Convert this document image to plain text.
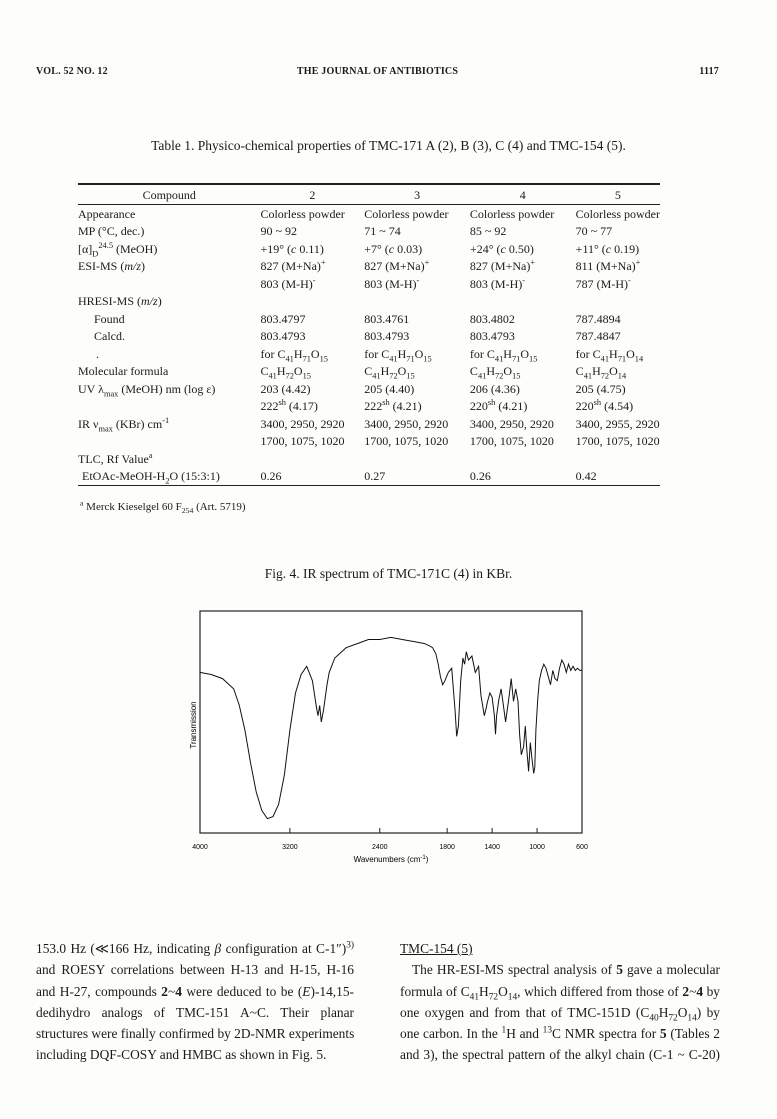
VOL. 52 NO. 12	THE JOURNAL OF ANTIBIOTICS	1117
Table 1. Physico-chemical properties of TMC-171 A (2), B (3), C (4) and TMC-154 (5).
Compound	2	3	4	5
Appearance	Colorless powder	Colorless powder	Colorless powder	Colorless powder
MP (°C, dec.)	90 ~ 92	71 ~ 74	85 ~ 92	70 ~ 77
$[\alpha]_D^{24.5}$ (MeOH)	+19° (c 0.11)	+7° (c 0.03)	+24° (c 0.50)	+11° (c 0.19)
ESI-MS (m/z)	827 (M+Na)+	827 (M+Na)+	827 (M+Na)+	811 (M+Na)+
	803 (M-H)-	803 (M-H)-	803 (M-H)-	787 (M-H)-
HRESI-MS (m/z)				
Found	803.4797	803.4761	803.4802	787.4894
Calcd.	803.4793	803.4793	803.4793	787.4847
.	for $C_{41}H_{71}O_{15}$	for $C_{41}H_{71}O_{15}$	for $C_{41}H_{71}O_{15}$	for $C_{41}H_{71}O_{14}$
Molecular formula	$C_{41}H_{72}O_{15}$	$C_{41}H_{72}O_{15}$	$C_{41}H_{72}O_{15}$	$C_{41}H_{72}O_{14}$
UV $\lambda_{max}$ (MeOH) nm (log ε)	203 (4.42)	205 (4.40)	206 (4.36)	205 (4.75)
	$222^{sh}$ (4.17)	$222^{sh}$ (4.21)	$220^{sh}$ (4.21)	$220^{sh}$ (4.54)
IR $\nu_{max}$ (KBr) $cm^{-1}$	3400, 2950, 2920	3400, 2950, 2920	3400, 2950, 2920	3400, 2955, 2920
	1700, 1075, 1020	1700, 1075, 1020	1700, 1075, 1020	1700, 1075, 1020
TLC, Rf Value$^a$				
EtOAc-$MeOH-H_2O$ (15:3:1)	0.26	0.27	0.26	0.42
$^a$ Merck Kieselgel 60 $F_{254}$ (Art. 5719)
Fig. 4. IR spectrum of TMC-171C (4) in KBr.
4000	3200	2400	1800	1400	1000	600
Transmission
Wavenumbers $(cm^{-1})$
153.0 Hz (≪166 Hz, indicating β configuration at C-1″)$^{3)}$
and ROESY correlations between H-13 and H-15, H-16
and H-27, compounds 2~4 were deduced to be (E)-14,15-
dedihydro analogs of TMC-151 A~C. Their planar
structures were finally confirmed by 2D-NMR experiments
including DQF-COSY and HMBC as shown in Fig. 5.
TMC-154 (5)
The HR-ESI-MS spectral analysis of 5 gave a molecular
formula of $C_{41}H_{72}O_{14}$, which differed from those of 2~4 by
one oxygen and from that of TMC-151D $(C_{40}H_{72}O_{14})$ by
one carbon. In the $^1$H and $^{13}$C NMR spectra for 5 (Tables 2
and 3), the spectral pattern of the alkyl chain (C-1 ~ C-20)
